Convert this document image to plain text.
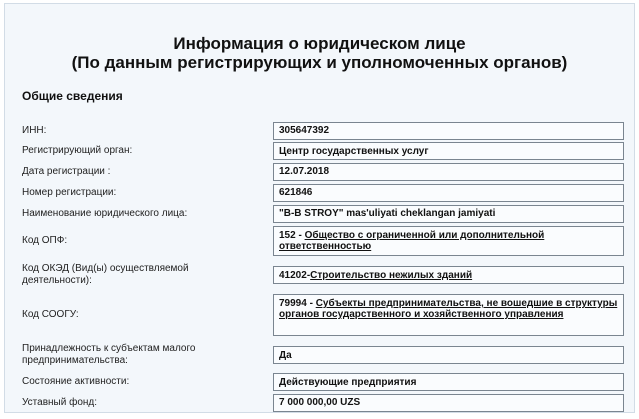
Информация о юридическом лице
(По данным регистрирующих и уполномоченных органов)
Общие сведения
ИНН:	305647392
Регистрирующий орган:	Центр государственных услуг
Дата регистрации :	12.07.2018
Номер регистрации:	621846
Наименование юридического лица:	"B-B STROY" mas'uliyati cheklangan jamiyati
Код ОПФ:	152 - Общество с ограниченной или дополнительной ответственностью
Код ОКЭД (Вид(ы) осуществляемой деятельности):	41202 - Строительство нежилых зданий
Код СООГУ:
79994 - Субъекты предпринимательства, не вошедшие в структуры органов государственного и хозяйственного управления
Принадлежность к субъектам малого предпринимательства:	Да
Состояние активности:	Действующие предприятия
Уставный фонд:	7 000 000,00 UZS
